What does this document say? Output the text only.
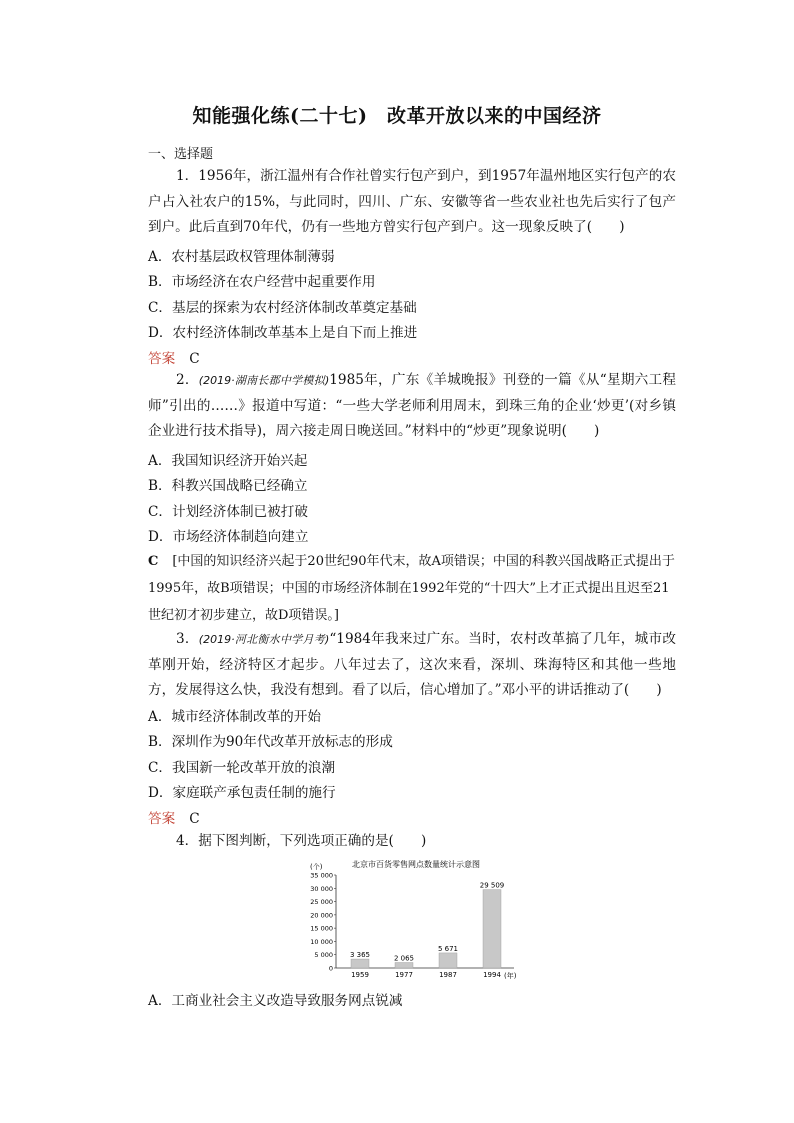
知能强化练(二十七)　改革开放以来的中国经济
一、选择题
1．1956年，浙江温州有合作社曾实行包产到户，到1957年温州地区实行包产的农户占入社农户的15%，与此同时，四川、广东、安徽等省一些农业社也先后实行了包产到户。此后直到70年代，仍有一些地方曾实行包产到户。这一现象反映了(　　)
A．农村基层政权管理体制薄弱
B．市场经济在农户经营中起重要作用
C．基层的探索为农村经济体制改革奠定基础
D．农村经济体制改革基本上是自下而上推进
答案 C
2．(2019·湖南长郡中学模拟)1985年，广东《羊城晚报》刊登的一篇《从“星期六工程师”引出的……》报道中写道：“一些大学老师利用周末，到珠三角的企业‘炒更’(对乡镇企业进行技术指导)，周六接走周日晚送回。”材料中的“炒更”现象说明(　　)
A．我国知识经济开始兴起
B．科教兴国战略已经确立
C．计划经济体制已被打破
D．市场经济体制趋向建立
C [中国的知识经济兴起于20世纪90年代末，故A项错误；中国的科教兴国战略正式提出于1995年，故B项错误；中国的市场经济体制在1992年党的“十四大”上才正式提出且迟至21世纪初才初步建立，故D项错误。]
3．(2019·河北衡水中学月考)“1984年我来过广东。当时，农村改革搞了几年，城市改革刚开始，经济特区才起步。八年过去了，这次来看，深圳、珠海特区和其他一些地方，发展得这么快，我没有想到。看了以后，信心增加了。”邓小平的讲话推动了(　　)
A．城市经济体制改革的开始
B．深圳作为90年代改革开放标志的形成
C．我国新一轮改革开放的浪潮
D．家庭联产承包责任制的施行
答案 C
4．据下图判断，下列选项正确的是(　　)
北京市百货零售网点数量统计示意图
(个)
(年)
35 000
30 000
25 000
20 000
15 000
10 000
5 000
0
3 365
1959
2 065
1977
5 671
1987
29 509
1994
A．工商业社会主义改造导致服务网点锐减
